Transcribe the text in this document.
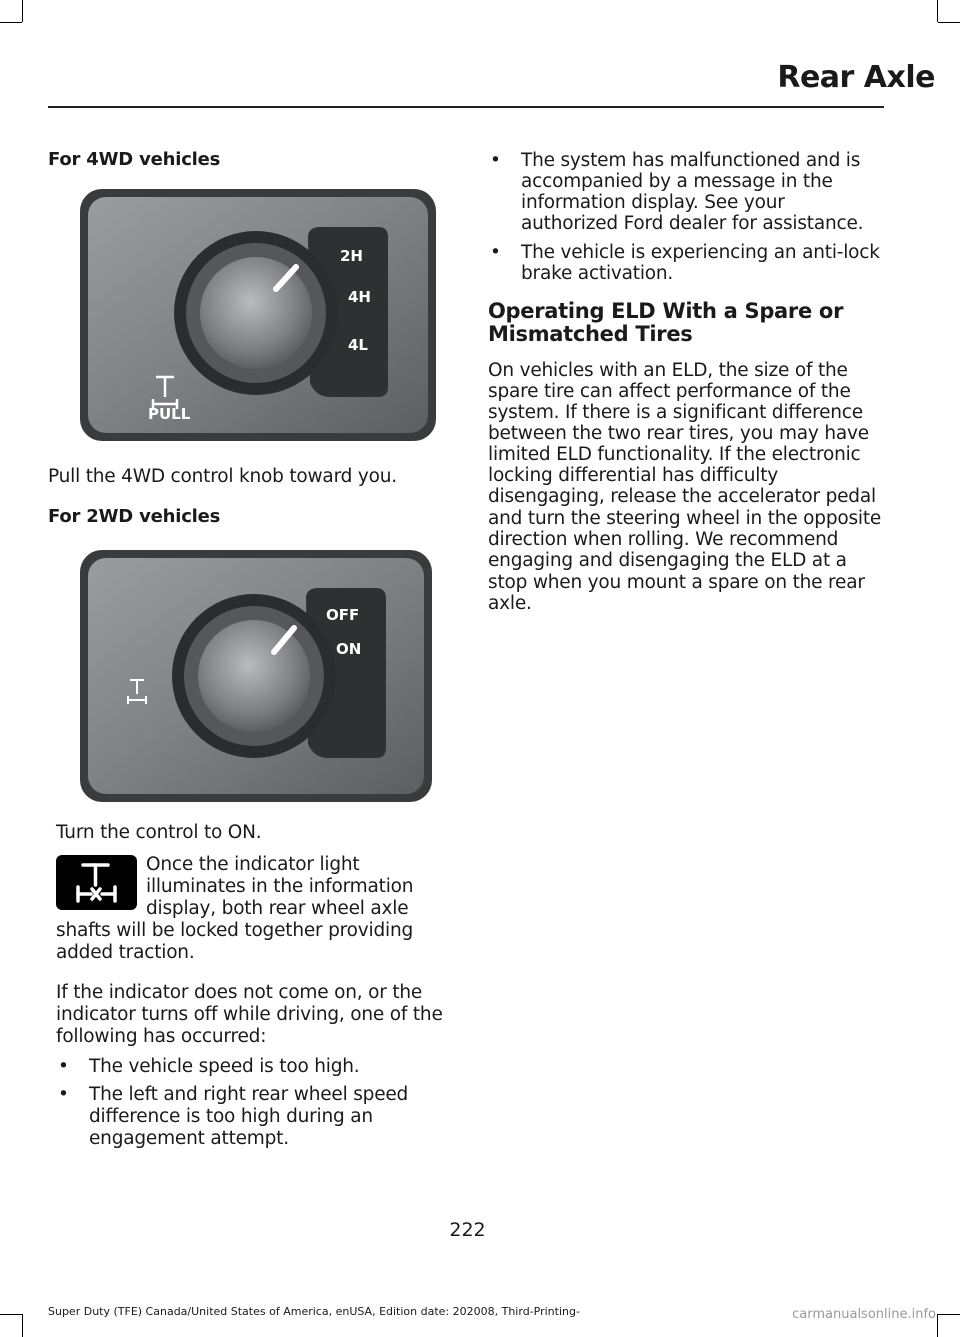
Rear Axle
For 4WD vehicles
2H
4H
4L
PULL
Pull the 4WD control knob toward you.
For 2WD vehicles
OFF
ON
Turn the control to ON.
Once the indicator light
illuminates in the information
display, both rear wheel axle
shafts will be locked together providing
added traction.
If the indicator does not come on, or the
indicator turns off while driving, one of the
following has occurred:
• The vehicle speed is too high.
• The left and right rear wheel speed
difference is too high during an
engagement attempt.
• The system has malfunctioned and is
accompanied by a message in the
information display. See your
authorized Ford dealer for assistance.
• The vehicle is experiencing an anti-lock
brake activation.
Operating ELD With a Spare or
Mismatched Tires
On vehicles with an ELD, the size of the
spare tire can affect performance of the
system. If there is a significant difference
between the two rear tires, you may have
limited ELD functionality. If the electronic
locking differential has difficulty
disengaging, release the accelerator pedal
and turn the steering wheel in the opposite
direction when rolling. We recommend
engaging and disengaging the ELD at a
stop when you mount a spare on the rear
axle.
222
Super Duty (TFE) Canada/United States of America, enUSA, Edition date: 202008, Third-Printing-	carmanualsonline.info
